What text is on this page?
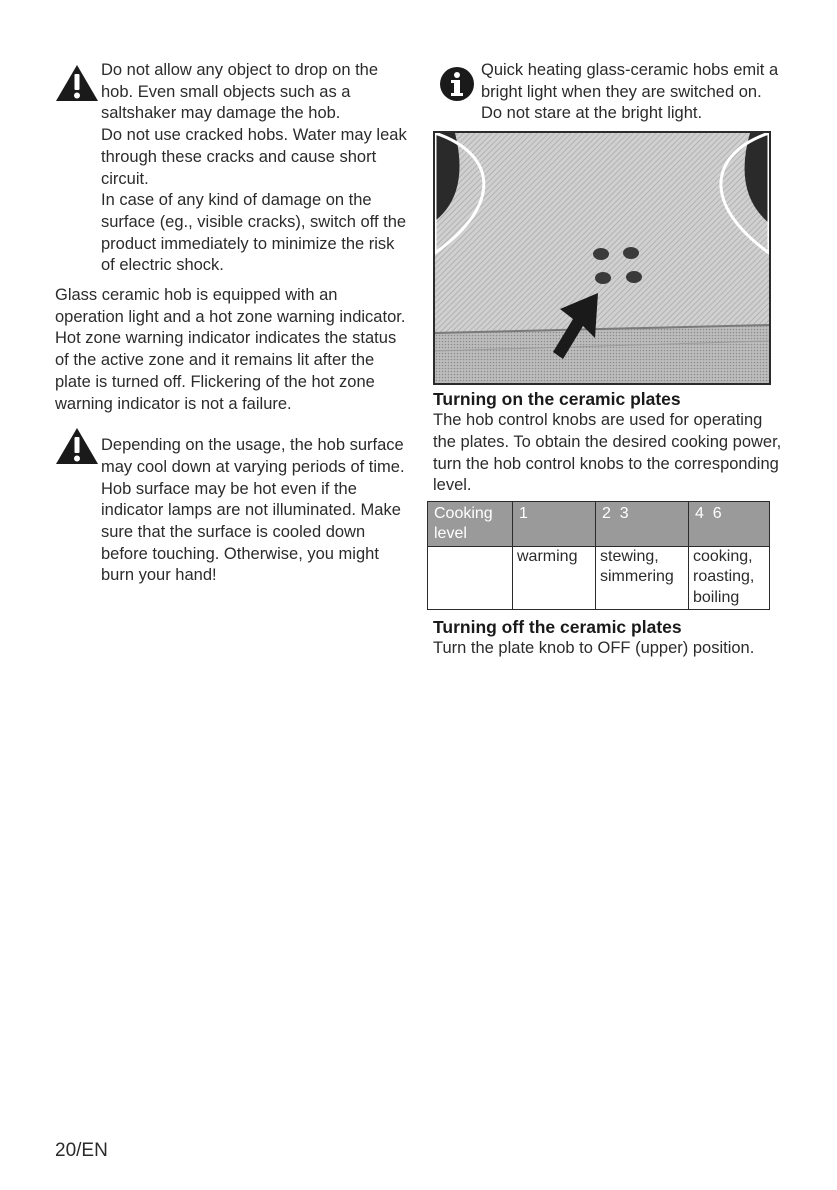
Do not allow any object to drop on the hob. Even small objects such as a saltshaker may damage the hob.

Do not use cracked hobs. Water may leak through these cracks and cause short circuit.

In case of any kind of damage on the surface (eg., visible cracks), switch off the product immediately to minimize the risk of electric shock.

Glass ceramic hob is equipped with an operation light and a hot zone warning indicator.

Hot zone warning indicator indicates the status of the active zone and it remains lit after the plate is turned off. Flickering of the hot zone warning indicator is not a failure.

Depending on the usage, the hob surface may cool down at varying periods of time. Hob surface may be hot even if the indicator lamps are not illuminated. Make sure that the surface is cooled down before touching. Otherwise, you might burn your hand!

Quick heating glass-ceramic hobs emit a bright light when they are switched on. Do not stare at the bright light.

Turning on the ceramic plates

The hob control knobs are used for operating the plates. To obtain the desired cooking power, turn the hob control knobs to the corresponding level.

Cooking level	1	2  3	4  6
	warming	stewing, simmering	cooking, roasting, boiling
Turning off the ceramic plates

Turn the plate knob to OFF (upper) position.

20/EN
